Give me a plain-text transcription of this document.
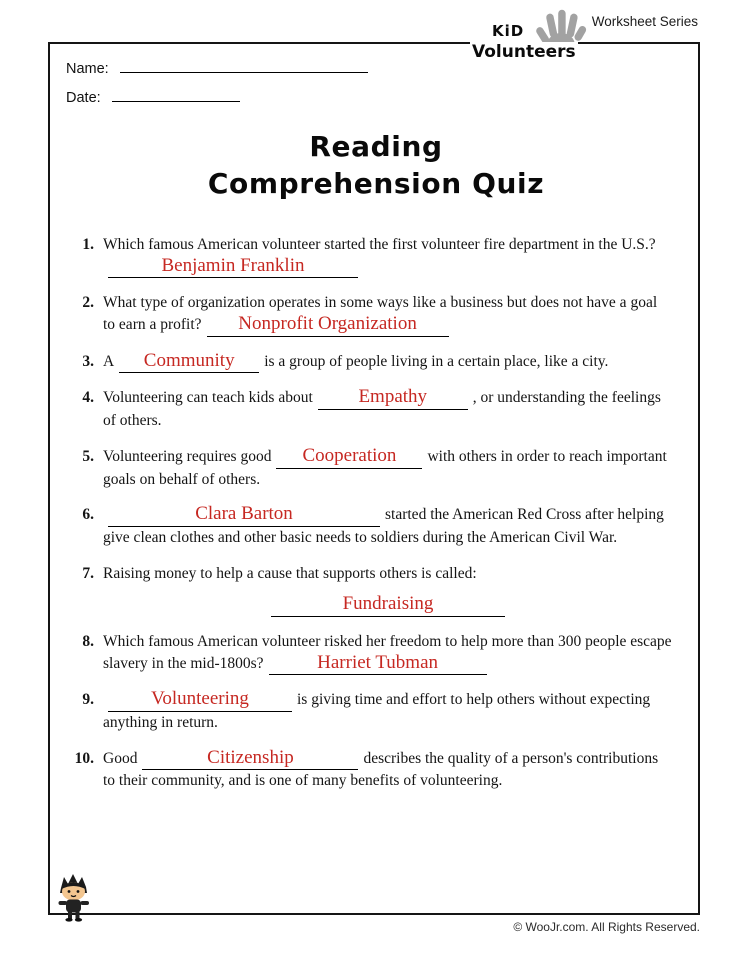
Worksheet Series
KiD
Volunteers
Name:
Date:
Reading
Comprehension Quiz
1. Which famous American volunteer started the first volunteer fire department in the U.S.?Benjamin Franklin
2. What type of organization operates in some ways like a business but does not have a goal to earn a profit? Nonprofit Organization
3. A Community is a group of people living in a certain place, like a city.
4. Volunteering can teach kids about Empathy	, or understanding the feelings of others.
5. Volunteering requires good Cooperation with others in order to reach important goals on behalf of others.
6.	Clara Barton	started the American Red Cross after helping give clean clothes and other basic needs to soldiers during the American Civil War.
7. Raising money to help a cause that supports others is called:
Fundraising
8. Which famous American volunteer risked her freedom to help more than 300 people escape slavery in the mid-1800s?	Harriet Tubman
9.	Volunteering	is giving time and effort to help others without expecting anything in return.
10. Good	Citizenship	describes the quality of a person's contributions to their community, and is one of many benefits of volunteering.
© WooJr.com. All Rights Reserved.
